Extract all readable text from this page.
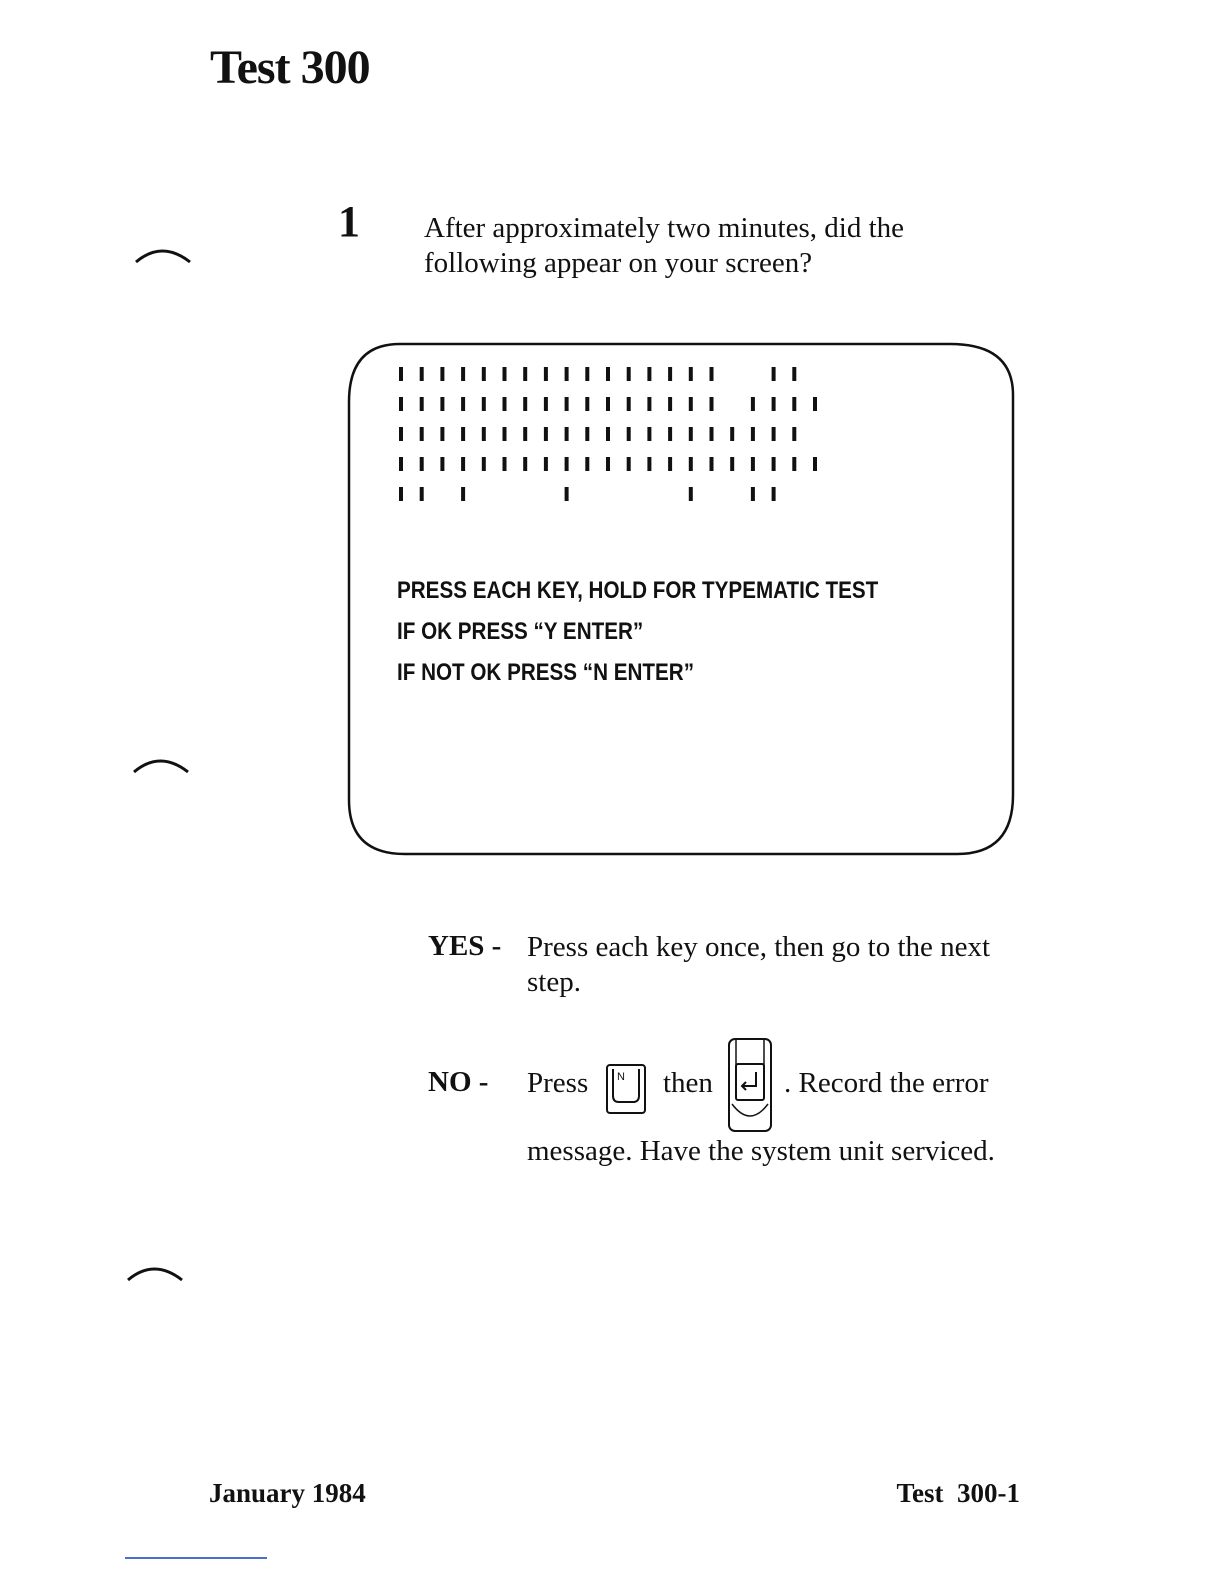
Test 300
1 After approximately two minutes, did the following appear on your screen?
PRESS EACH KEY, HOLD FOR TYPEMATIC TEST
IF OK PRESS “Y ENTER”
IF NOT OK PRESS “N ENTER”
YES - Press each key once, then go to the next step.
NO - Press	N then . Record the error
message. Have the system unit serviced.
January 1984	Test  300-1
